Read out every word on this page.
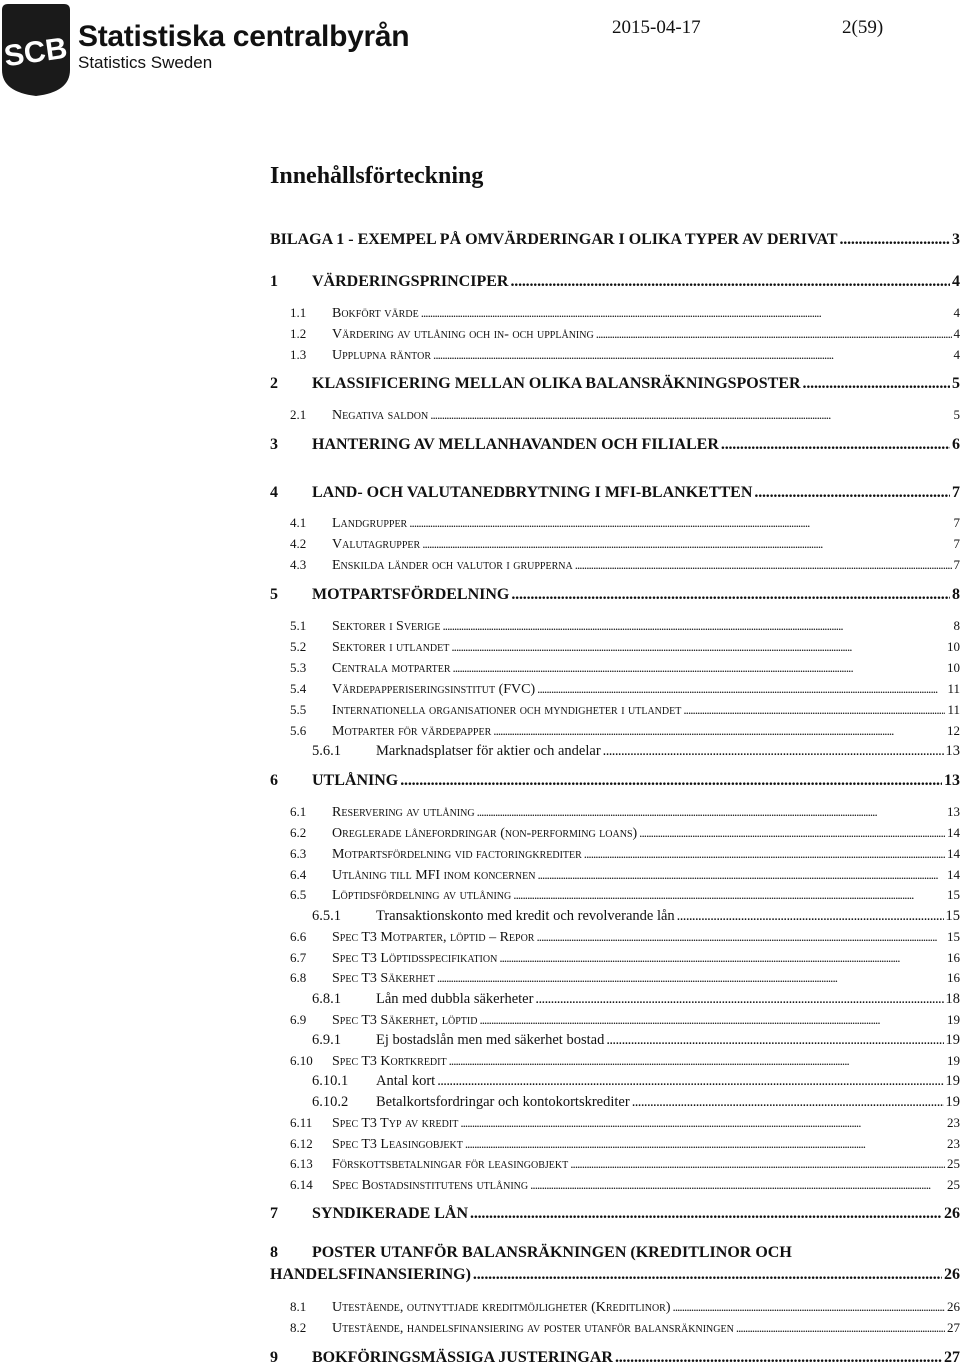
SCB Statistiska centralbyrån
Statistics Sweden
2015-04-17	2(59)
Innehållsförteckning
BILAGA 1 - EXEMPEL PÅ OMVÄRDERINGAR I OLIKA TYPER AV DERIVAT . . .	3
1	VÄRDERINGSPRINCIPER . . .	4
1.1	Bokfört värde . . .	4
1.2	Värdering av utlåning och in- och upplåning . . .	4
1.3	Upplupna räntor . . .	4
2	KLASSIFICERING MELLAN OLIKA BALANSRÄKNINGSPOSTER . . .	5
2.1	Negativa saldon . . .	5
3	HANTERING AV MELLANHAVANDEN OCH FILIALER . . .	6
4	LAND- OCH VALUTANEDBRYTNING I MFI-BLANKETTEN . . .	7
4.1	Landgrupper . . .	7
4.2	Valutagrupper . . .	7
4.3	Enskilda länder och valutor i grupperna . . .	7
5	MOTPARTSFÖRDELNING . . .	8
5.1	Sektorer i Sverige . . .	8
5.2	Sektorer i utlandet . . .	10
5.3	Centrala motparter . . .	10
5.4	Värdepapperiseringsinstitut (FVC) . . .	11
5.5	Internationella organisationer och myndigheter i utlandet . . .	11
5.6	Motparter för värdepapper . . .	12
5.6.1	Marknadsplatser för aktier och andelar . . .	13
6	UTLÅNING . . .	13
6.1	Reservering av utlåning . . .	13
6.2	Oreglerade lånefordringar (non-performing loans) . . .	14
6.3	Motpartsfördelning vid factoringkrediter . . .	14
6.4	Utlåning till MFI inom koncernen . . .	14
6.5	Löptidsfördelning av utlåning . . .	15
6.5.1	Transaktionskonto med kredit och revolverande lån . . .	15
6.6	Spec T3 Motparter, löptid – Repor . . .	15
6.7	Spec T3 Löptidsspecifikation . . .	16
6.8	Spec T3 Säkerhet . . .	16
6.8.1	Lån med dubbla säkerheter . . .	18
6.9	Spec T3 Säkerhet, löptid . . .	19
6.9.1	Ej bostadslån men med säkerhet bostad . . .	19
6.10	Spec T3 Kortkredit . . .	19
6.10.1	Antal kort . . .	19
6.10.2	Betalkortsfordringar och kontokortskrediter . . .	19
6.11	Spec T3 Typ av kredit . . .	23
6.12	Spec T3 Leasingobjekt . . .	23
6.13	Förskottsbetalningar för leasingobjekt . . .	25
6.14	Spec Bostadsinstitutens utlåning . . .	25
7	SYNDIKERADE LÅN . . .	26
8 POSTER UTANFÖR BALANSRÄKNINGEN (KREDITLINOR OCH
HANDELSFINANSIERING) . . .	26
8.1	Utestående, outnyttjade kreditmöjligheter (Kreditlinor) . . .	26
8.2	Utestående, handelsfinansiering av poster utanför balansräkningen . . .	27
9	BOKFÖRINGSMÄSSIGA JUSTERINGAR . . .	27
